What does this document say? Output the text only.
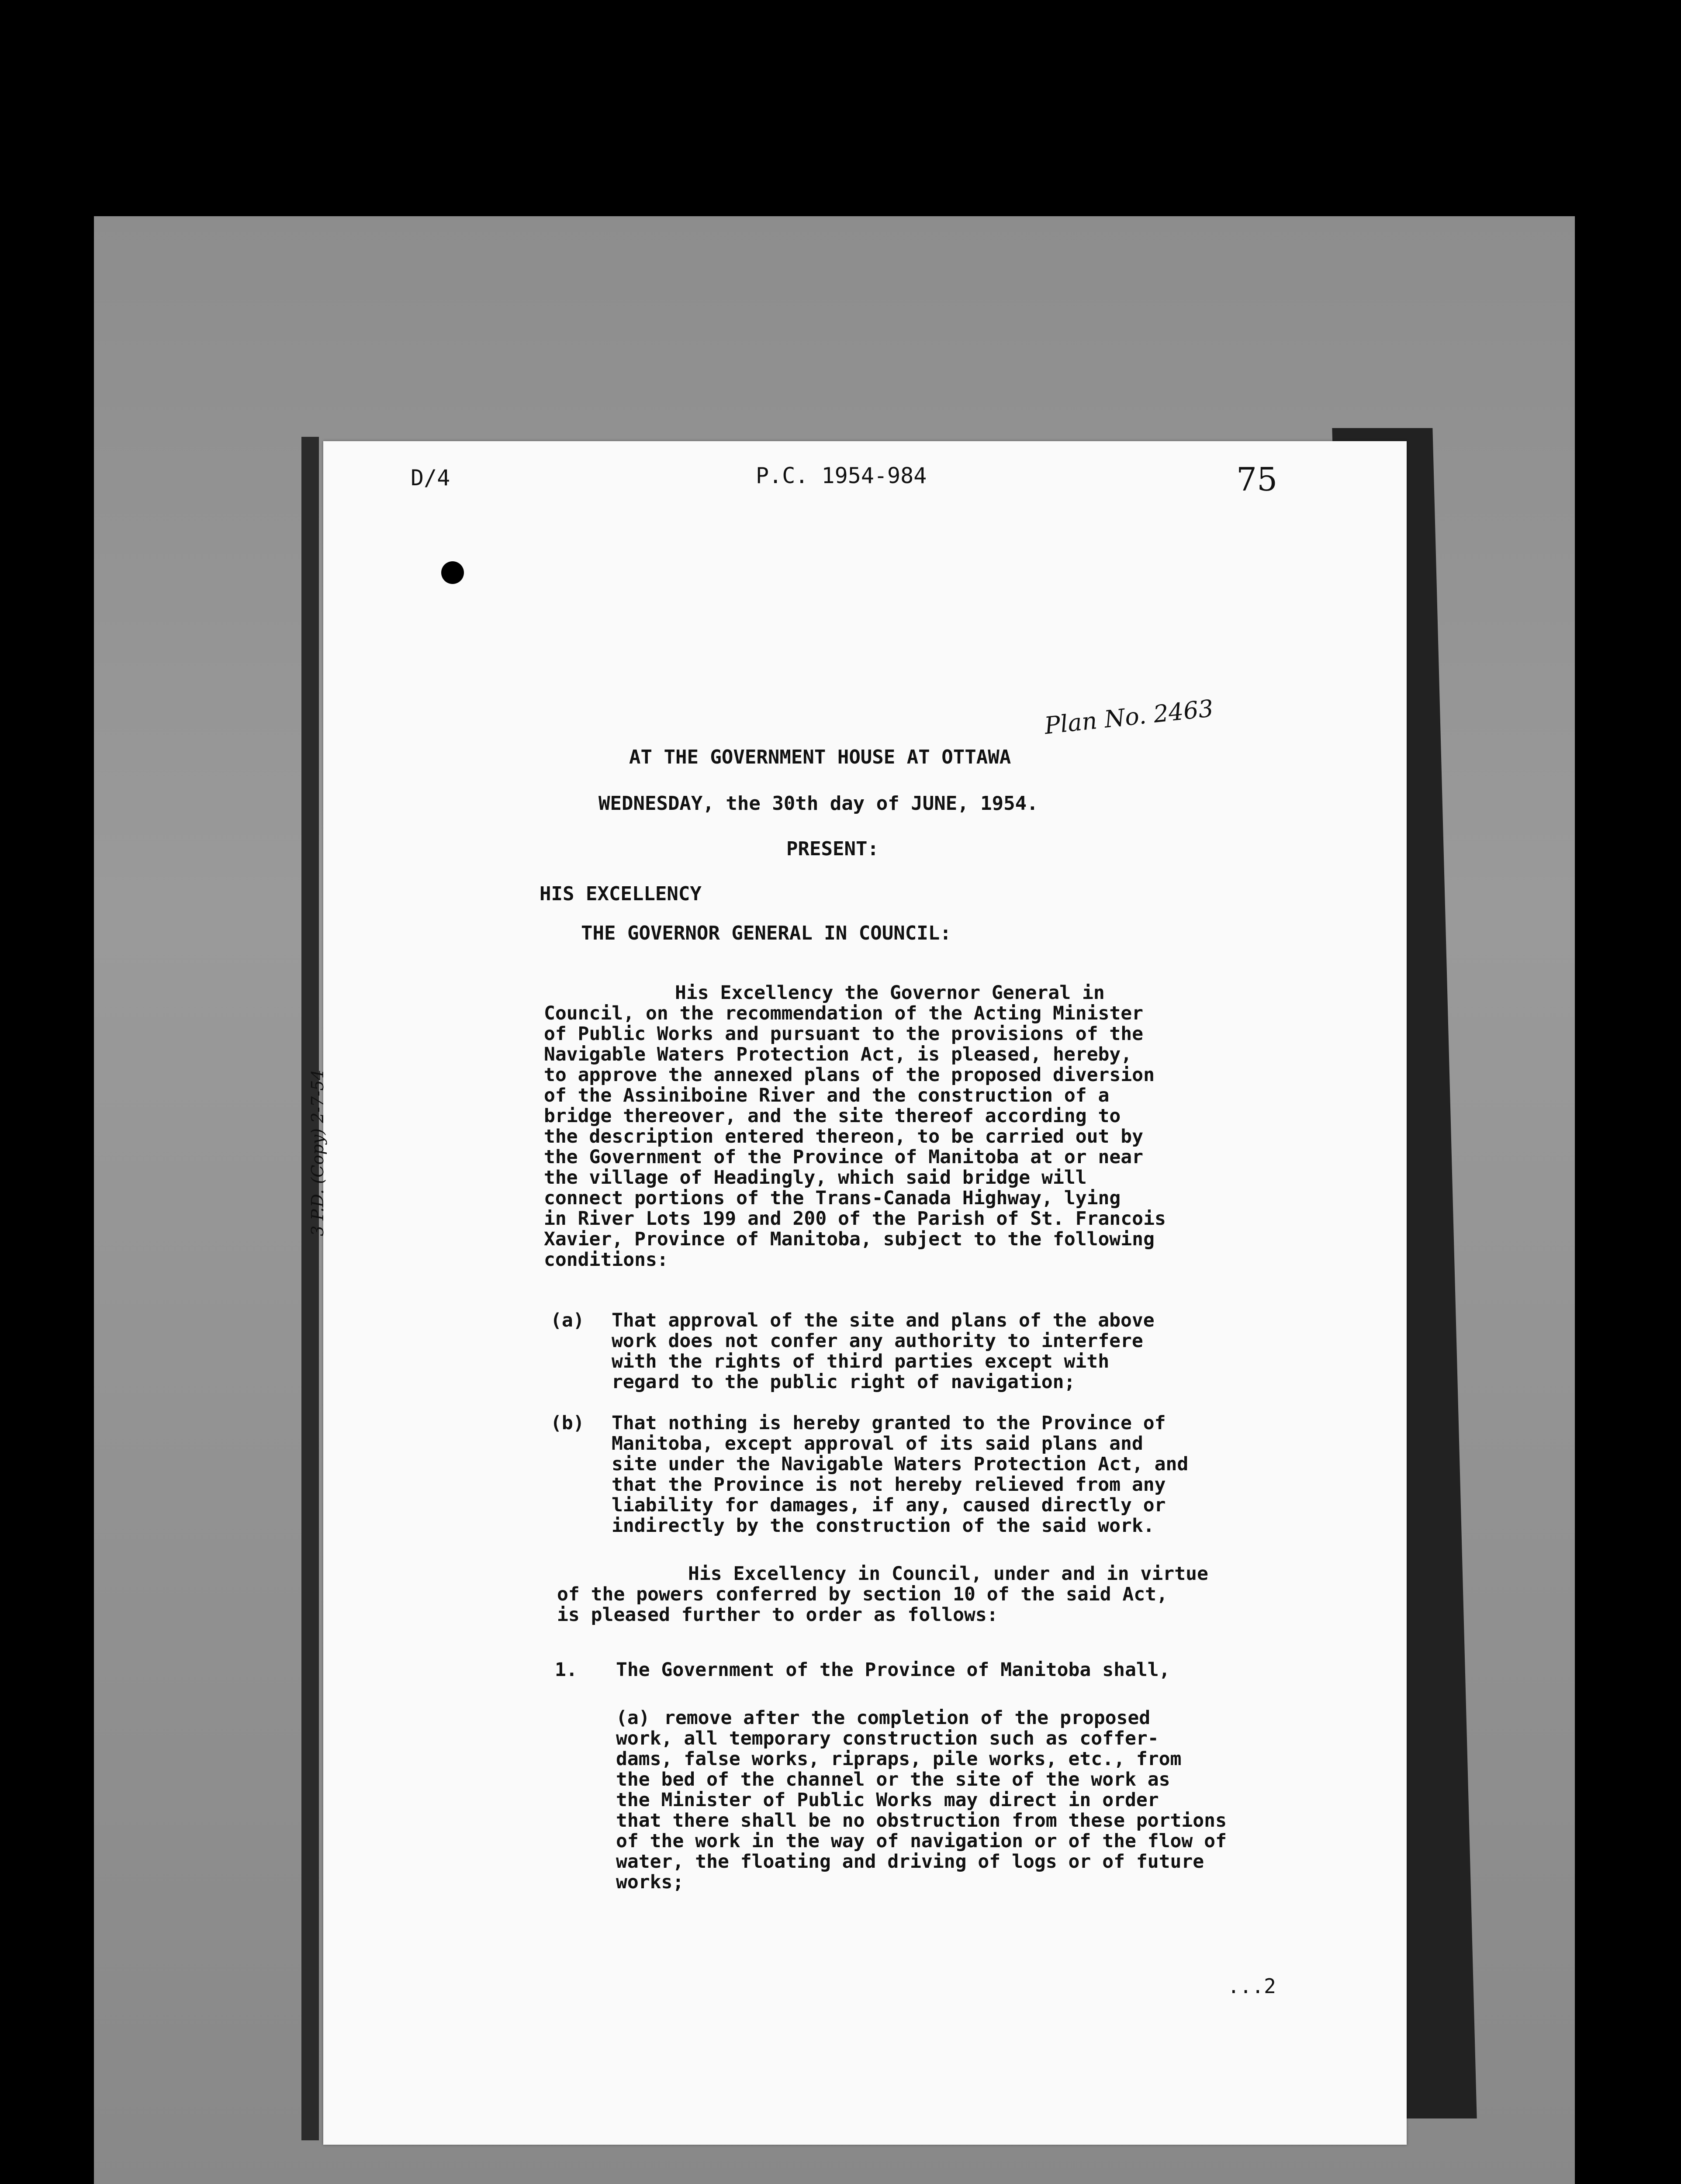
D/4	P.C. 1954-984	75
Plan No. 2463
3 P.D. (Copy) 2-7-54
AT THE GOVERNMENT HOUSE AT OTTAWA
WEDNESDAY, the 30th day of JUNE, 1954.
PRESENT:
HIS EXCELLENCY
THE GOVERNOR GENERAL IN COUNCIL:
His Excellency the Governor General in
Council, on the recommendation of the Acting Minister
of Public Works and pursuant to the provisions of the
Navigable Waters Protection Act, is pleased, hereby,
to approve the annexed plans of the proposed diversion
of the Assiniboine River and the construction of a
bridge thereover, and the site thereof according to
the description entered thereon, to be carried out by
the Government of the Province of Manitoba at or near
the village of Headingly, which said bridge will
connect portions of the Trans-Canada Highway, lying
in River Lots 199 and 200 of the Parish of St. Francois
Xavier, Province of Manitoba, subject to the following
conditions:
(a)	That approval of the site and plans of the above
work does not confer any authority to interfere
with the rights of third parties except with
regard to the public right of navigation;
(b)	That nothing is hereby granted to the Province of
Manitoba, except approval of its said plans and
site under the Navigable Waters Protection Act, and
that the Province is not hereby relieved from any
liability for damages, if any, caused directly or
indirectly by the construction of the said work.
His Excellency in Council, under and in virtue
of the powers conferred by section 10 of the said Act,
is pleased further to order as follows:
1. The Government of the Province of Manitoba shall,
(a) remove after the completion of the proposed
work, all temporary construction such as coffer-
dams, false works, ripraps, pile works, etc., from
the bed of the channel or the site of the work as
the Minister of Public Works may direct in order
that there shall be no obstruction from these portions
of the work in the way of navigation or of the flow of
water, the floating and driving of logs or of future
works;
...2
